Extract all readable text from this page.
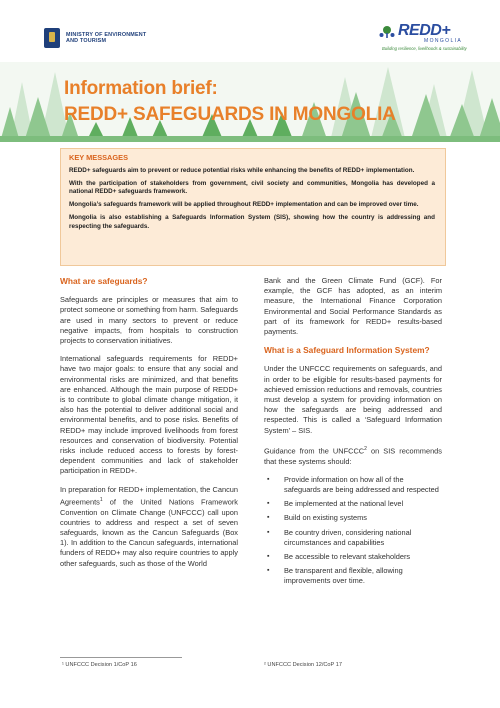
MINISTRY OF ENVIRONMENT
AND TOURISM
REDD+
MONGOLIA
Building resilience, livelihoods & sustainability
Information brief:
REDD+ SAFEGUARDS IN MONGOLIA
KEY MESSAGES
REDD+ safeguards aim to prevent or reduce potential risks while enhancing the benefits of REDD+ implementation.
With the participation of stakeholders from government, civil society and communities, Mongolia has developed a national REDD+ safeguards framework.
Mongolia’s safeguards framework will be applied throughout REDD+ implementation and can be improved over time.
Mongolia is also establishing a Safeguards Information System (SIS), showing how the country is addressing and respecting the safeguards.
What are safeguards?

Safeguards are principles or measures that aim to protect someone or something from harm. Safeguards are used in many sectors to prevent or reduce negative impacts, from hospitals to construction projects to conservation initiatives.

International safeguards requirements for REDD+ have two major goals: to ensure that any social and environmental risks are minimized, and that benefits are enhanced. Although the main purpose of REDD+ is to contribute to global climate change mitigation, it also has the potential to deliver additional social and environmental benefits, and to pose risks. Benefits of REDD+ may include improved livelihoods from forest resources and conservation of biodiversity. Potential risks include reduced access to forests by forest-dependent communities and lack of stakeholder participation in REDD+.

In preparation for REDD+ implementation, the Cancun Agreements$^1$ of the United Nations Framework Convention on Climate Change (UNFCCC) call upon countries to address and respect a set of seven safeguards, known as the Cancun Safeguards (Box 1). In addition to the Cancun safeguards, international funders of REDD+ may also require countries to apply other safeguards, such as those of the World

Bank and the Green Climate Fund (GCF). For example, the GCF has adopted, as an interim measure, the International Finance Corporation Environmental and Social Performance Standards as part of its framework for REDD+ results-based payments.

What is a Safeguard Information System?

Under the UNFCCC requirements on safeguards, and in order to be eligible for results-based payments for achieved emission reductions and removals, countries must develop a system for providing information on how the safeguards are being addressed and respected. This is called a ‘Safeguard Information System’ – SIS.

Guidance from the UNFCCC$^2$ on SIS recommends that these systems should:

▪ Provide information on how all of the safeguards are being addressed and respected
▪ Be implemented at the national level
▪ Build on existing systems
▪ Be country driven, considering national circumstances and capabilities
▪ Be accessible to relevant stakeholders
▪ Be transparent and flexible, allowing improvements over time.
¹ UNFCCC Decision 1/CoP 16	² UNFCCC Decision 12/CoP 17
